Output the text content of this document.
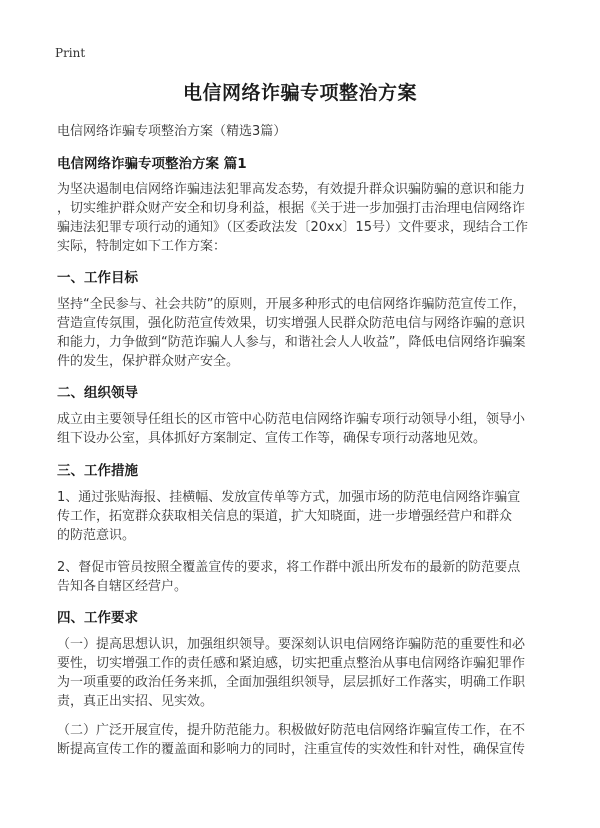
Print
电信网络诈骗专项整治方案
电信网络诈骗专项整治方案（精选3篇）
电信网络诈骗专项整治方案 篇1
为坚决遏制电信网络诈骗违法犯罪高发态势，有效提升群众识骗防骗的意识和能力
，切实维护群众财产安全和切身利益，根据《关于进一步加强打击治理电信网络诈
骗违法犯罪专项行动的通知》（区委政法发〔20xx〕15号）文件要求，现结合工作
实际，特制定如下工作方案：
一、工作目标
坚持“全民参与、社会共防”的原则，开展多种形式的电信网络诈骗防范宣传工作，
营造宣传氛围，强化防范宣传效果，切实增强人民群众防范电信与网络诈骗的意识
和能力，力争做到“防范诈骗人人参与，和谐社会人人收益”，降低电信网络诈骗案
件的发生，保护群众财产安全。
二、组织领导
成立由主要领导任组长的区市管中心防范电信网络诈骗专项行动领导小组，领导小
组下设办公室，具体抓好方案制定、宣传工作等，确保专项行动落地见效。
三、工作措施
1、通过张贴海报、挂横幅、发放宣传单等方式，加强市场的防范电信网络诈骗宣
传工作，拓宽群众获取相关信息的渠道，扩大知晓面，进一步增强经营户和群众
的防范意识。
2、督促市管员按照全覆盖宣传的要求，将工作群中派出所发布的最新的防范要点
告知各自辖区经营户。
四、工作要求
（一）提高思想认识，加强组织领导。要深刻认识电信网络诈骗防范的重要性和必
要性，切实增强工作的责任感和紧迫感，切实把重点整治从事电信网络诈骗犯罪作
为一项重要的政治任务来抓，全面加强组织领导，层层抓好工作落实，明确工作职
责，真正出实招、见实效。
（二）广泛开展宣传，提升防范能力。积极做好防范电信网络诈骗宣传工作，在不
断提高宣传工作的覆盖面和影响力的同时，注重宣传的实效性和针对性，确保宣传
